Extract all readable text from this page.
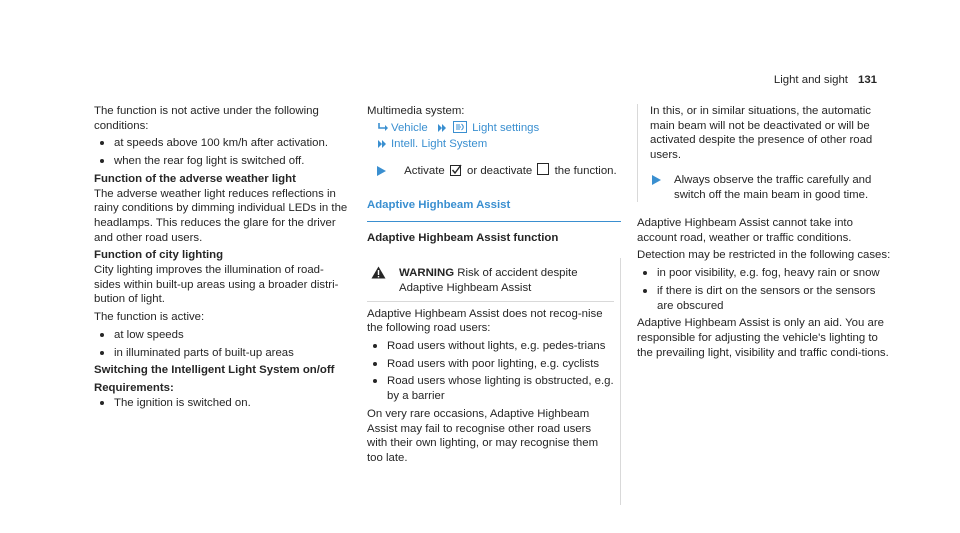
Light and sight 131

The function is not active under the following conditions:

at speeds above 100 km/h after activation.
when the rear fog light is switched off.

Function of the adverse weather light

The adverse weather light reduces reflections in rainy conditions by dimming individual LEDs in the headlamps. This reduces the glare for the driver and other road users.

Function of city lighting

City lighting improves the illumination of road-sides within built-up areas using a broader distri-bution of light.

The function is active:

at low speeds
in illuminated parts of built-up areas

Switching the Intelligent Light System on/off

Requirements:

The ignition is switched on.

Multimedia system:

Vehicle	Light settings
Intell. Light System
Activate or deactivate the function.
Adaptive Highbeam Assist
Adaptive Highbeam Assist function
WARNING Risk of accident despite Adaptive Highbeam Assist

Adaptive Highbeam Assist does not recog-nise the following road users:

Road users without lights, e.g. pedes-trians
Road users with poor lighting, e.g. cyclists
Road users whose lighting is obstructed, e.g. by a barrier

On very rare occasions, Adaptive Highbeam Assist may fail to recognise other road users with their own lighting, or may recognise them too late.

In this, or in similar situations, the automatic main beam will not be deactivated or will be activated despite the presence of other road users.

Always observe the traffic carefully and switch off the main beam in good time.

Adaptive Highbeam Assist cannot take into account road, weather or traffic conditions.

Detection may be restricted in the following cases:

in poor visibility, e.g. fog, heavy rain or snow
if there is dirt on the sensors or the sensors are obscured

Adaptive Highbeam Assist is only an aid. You are responsible for adjusting the vehicle's lighting to the prevailing light, visibility and traffic condi-tions.
